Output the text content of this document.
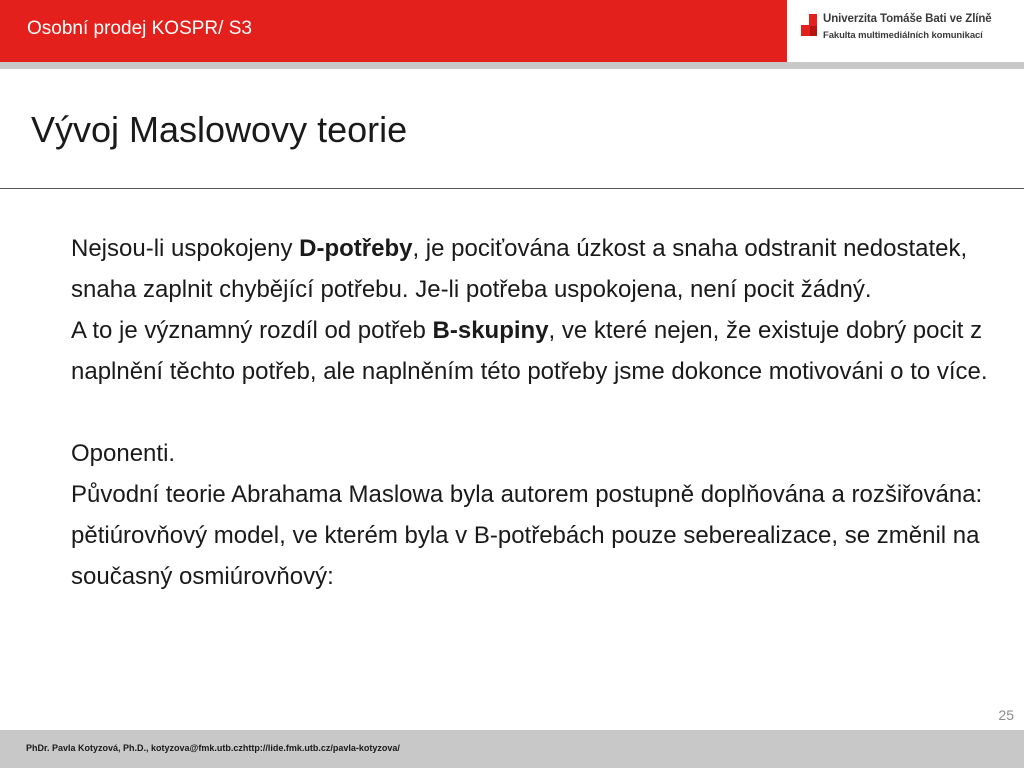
Osobní prodej KOSPR/ S3	Univerzita Tomáše Bati ve Zlíně
Fakulta multimediálních komunikací
Vývoj Maslowovy teorie

Nejsou-li uspokojeny D-potřeby, je pociťována úzkost a snaha odstranit nedostatek, snaha zaplnit chybějící potřebu. Je-li potřeba uspokojena, není pocit žádný.

A to je významný rozdíl od potřeb B-skupiny, ve které nejen, že existuje dobrý pocit z naplnění těchto potřeb, ale naplněním této potřeby jsme dokonce motivováni o to více.

Oponenti.

Původní teorie Abrahama Maslowa byla autorem postupně doplňována a rozšiřována: pětiúrovňový model, ve kterém byla v B-potřebách pouze seberealizace, se změnil na současný osmiúrovňový:

25
PhDr. Pavla Kotyzová, Ph.D., kotyzova@fmk.utb.czhttp://lide.fmk.utb.cz/pavla-kotyzova/
